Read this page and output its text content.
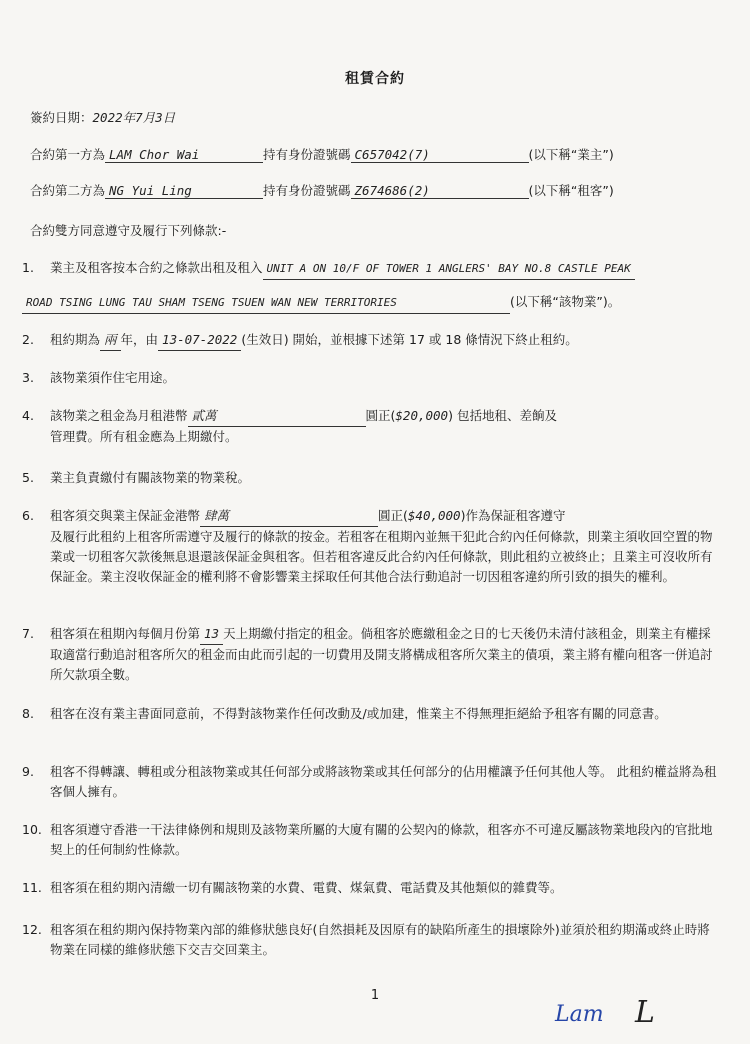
租賃合約
簽約日期：2022年7月3日
合約第一方為 LAM Chor Wai	持有身份證號碼 C657042(7)	(以下稱“業主”)
合約第二方為 NG Yui Ling	持有身份證號碼 Z674686(2)	(以下稱“租客”)
合約雙方同意遵守及履行下列條款:-
1.	業主及租客按本合約之條款出租及租入 UNIT A ON 10/F OF TOWER 1 ANGLERS' BAY NO.8 CASTLE PEAK
ROAD TSING LUNG TAU SHAM TSENG TSUEN WAN NEW TERRITORIES	(以下稱“該物業”)。
2.	租約期為 兩 年，由 13-07-2022 (生效日) 開始，並根據下述第 17 或 18 條情況下終止租約。
3.	該物業須作住宅用途。
4.	該物業之租金為月租港幣 貳萬	圓正($20,000) 包括地租、差餉及
管理費。所有租金應為上期繳付。
5.	業主負責繳付有關該物業的物業稅。
6.	租客須交與業主保証金港幣 肆萬	圓正($40,000)作為保証租客遵守
及履行此租約上租客所需遵守及履行的條款的按金。若租客在租期內並無干犯此合約內任何條款，則業主須收回空置的物業或一切租客欠款後無息退還該保証金與租客。但若租客違反此合約內任何條款，則此租約立被終止；且業主可沒收所有保証金。業主沒收保証金的權利將不會影響業主採取任何其他合法行動追討一切因租客違約所引致的損失的權利。
7.	租客須在租期內每個月份第 13 天上期繳付指定的租金。倘租客於應繳租金之日的七天後仍未清付該租金，則業主有權採取適當行動追討租客所欠的租金而由此而引起的一切費用及開支將構成租客所欠業主的債項，業主將有權向租客一併追討所欠款項全數。
8.	租客在沒有業主書面同意前，不得對該物業作任何改動及/或加建，惟業主不得無理拒絕給予租客有關的同意書。
9.	租客不得轉讓、轉租或分租該物業或其任何部分或將該物業或其任何部分的佔用權讓予任何其他人等。 此租約權益將為租客個人擁有。
10. 租客須遵守香港一干法律條例和規則及該物業所屬的大廈有關的公契內的條款，租客亦不可違反屬該物業地段內的官批地契上的任何制約性條款。
11. 租客須在租約期內清繳一切有關該物業的水費、電費、煤氣費、電話費及其他類似的雜費等。
12. 租客須在租約期內保持物業內部的維修狀態良好(自然損耗及因原有的缺陷所產生的損壞除外)並須於租約期滿或終止時將物業在同樣的維修狀態下交吉交回業主。
1
Lam L
